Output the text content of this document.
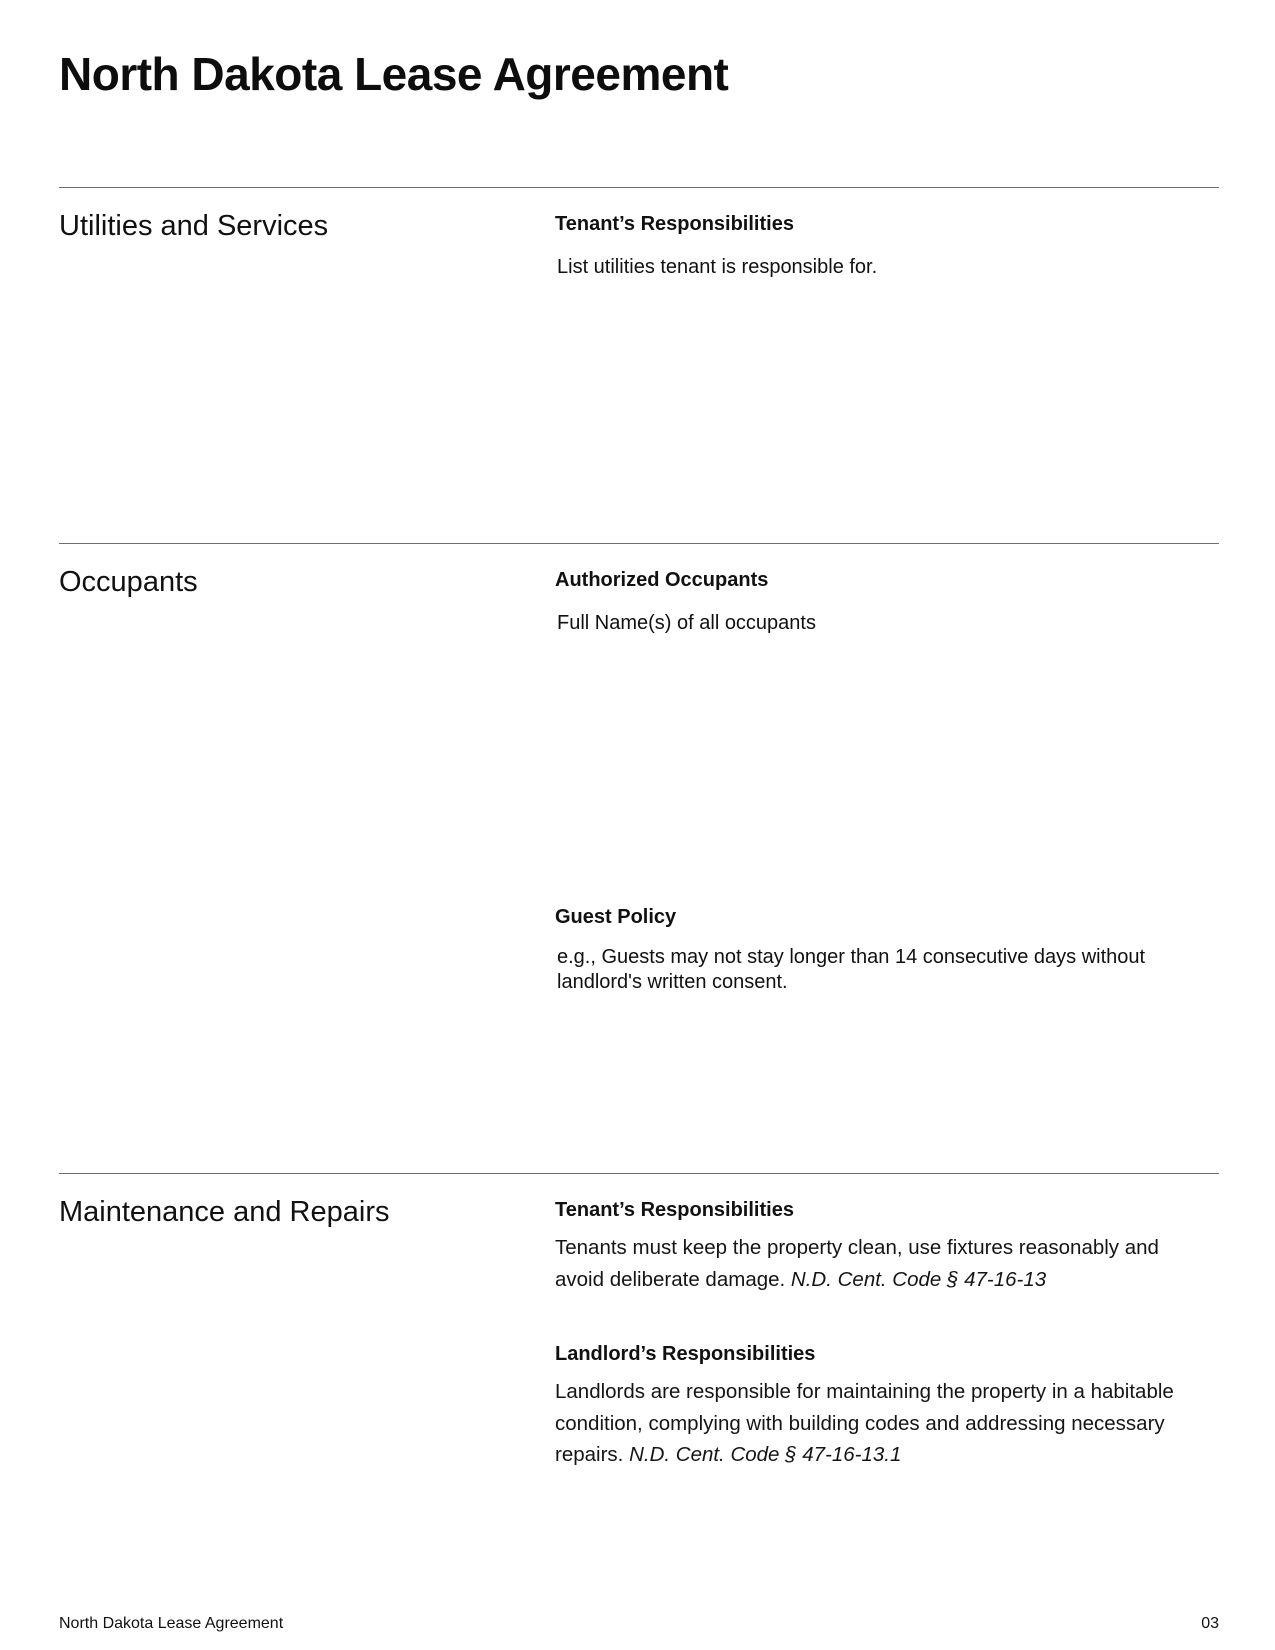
North Dakota Lease Agreement
Utilities and Services	Tenant’s Responsibilities
List utilities tenant is responsible for.
Occupants	Authorized Occupants
Full Name(s) of all occupants
Guest Policy
e.g., Guests may not stay longer than 14 consecutive days without landlord's written consent.
Maintenance and Repairs	Tenant’s Responsibilities

Tenants must keep the property clean, use fixtures reasonably and avoid deliberate damage. N.D. Cent. Code § 47-16-13

Landlord’s Responsibilities

Landlords are responsible for maintaining the property in a habitable condition, complying with building codes and addressing necessary repairs. N.D. Cent. Code § 47-16-13.1

North Dakota Lease Agreement	03
